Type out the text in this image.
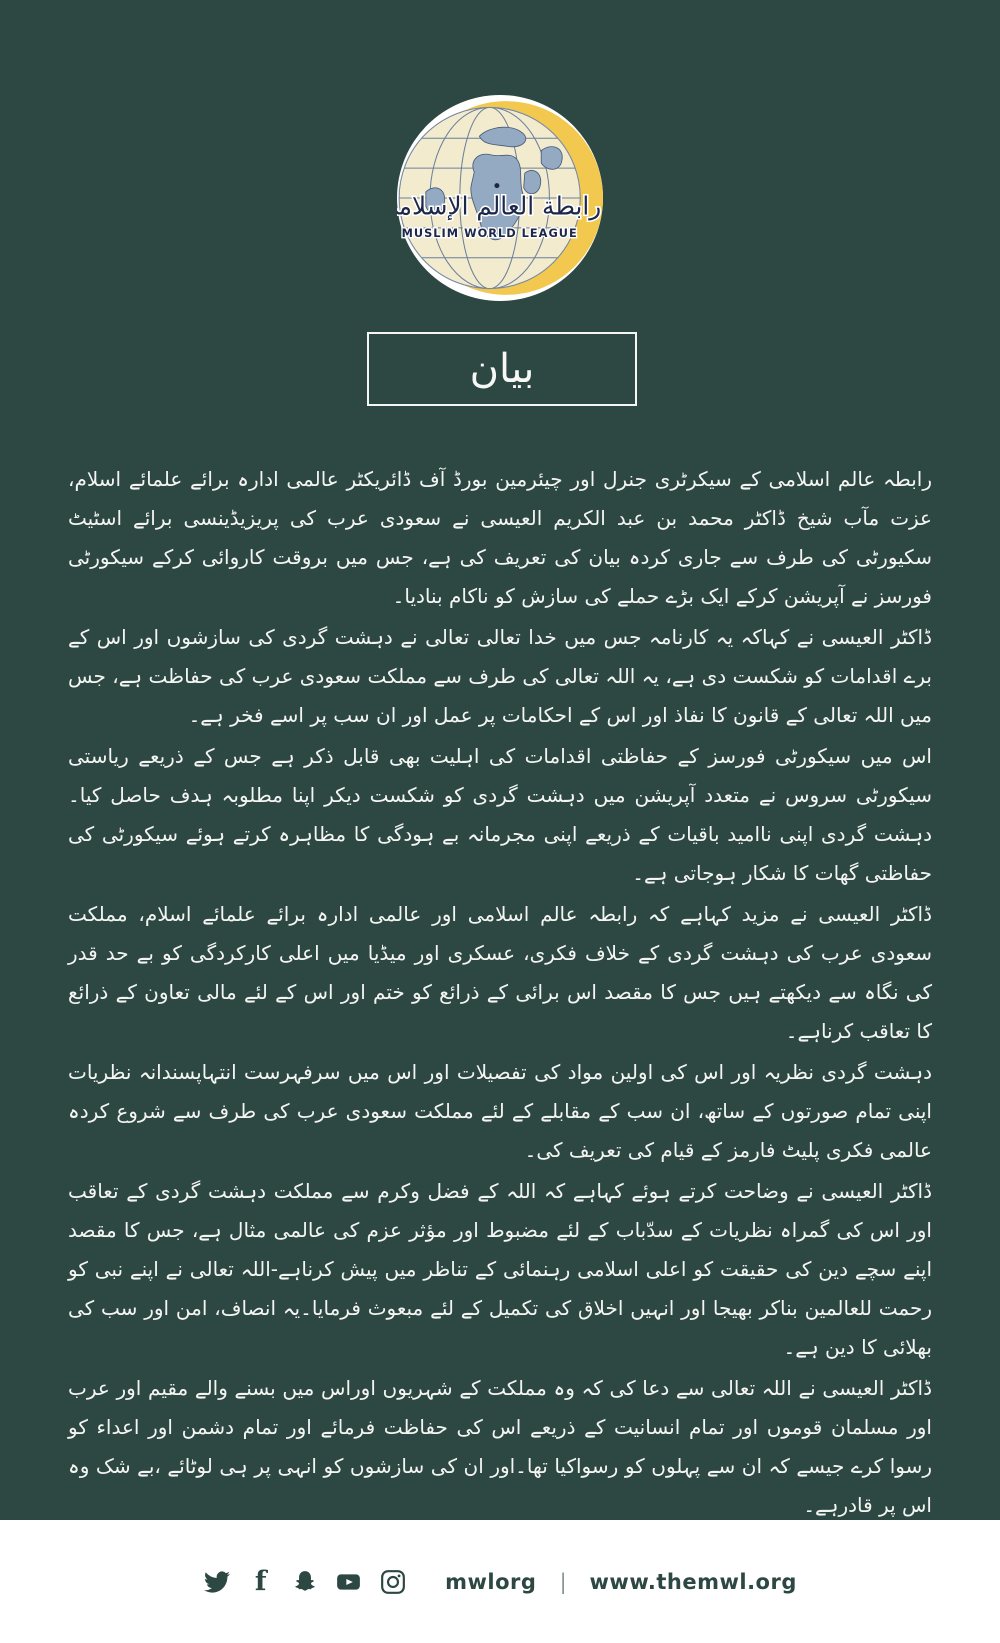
رابطة العالم الإسلامي
MUSLIM WORLD LEAGUE
بيان

رابطہ عالم اسلامی کے سیکرٹری جنرل اور چیئرمین بورڈ آف ڈائریکٹر عالمی ادارہ برائے علمائے اسلام، عزت مآب شیخ ڈاکٹر محمد بن عبد الکریم العیسی نے سعودی عرب کی پریزیڈینسی برائے اسٹیٹ سکیورٹی کی طرف سے جاری کردہ بیان کی تعریف کی ہے، جس میں بروقت کاروائی کرکے سیکورٹی فورسز نے آپریشن کرکے ایک بڑے حملے کی سازش کو ناکام بنادیا۔

ڈاکٹر العیسی نے کہاکہ یہ کارنامہ جس میں خدا تعالی تعالی نے دہشت گردی کی سازشوں اور اس کے برے اقدامات کو شکست دی ہے، یہ اللہ تعالی کی طرف سے مملکت سعودی عرب کی حفاظت ہے، جس میں اللہ تعالی کے قانون کا نفاذ اور اس کے احکامات پر عمل اور ان سب پر اسے فخر ہے۔

اس میں سیکورٹی فورسز کے حفاظتی اقدامات کی اہلیت بھی قابل ذکر ہے جس کے ذریعے ریاستی سیکورٹی سروس نے متعدد آپریشن میں دہشت گردی کو شکست دیکر اپنا مطلوبہ ہدف حاصل کیا۔دہشت گردی اپنی ناامید باقیات کے ذریعے اپنی مجرمانہ بے ہودگی کا مظاہرہ کرتے ہوئے سیکورٹی کی حفاظتی گھات کا شکار ہوجاتی ہے۔

ڈاکٹر العیسی نے مزید کہاہے کہ رابطہ عالم اسلامی اور عالمی ادارہ برائے علمائے اسلام، مملکت سعودی عرب کی دہشت گردی کے خلاف فکری، عسکری اور میڈیا میں اعلی کارکردگی کو بے حد قدر کی نگاہ سے دیکھتے ہیں جس کا مقصد اس برائی کے ذرائع کو ختم اور اس کے لئے مالی تعاون کے ذرائع کا تعاقب کرناہے۔

دہشت گردی نظریہ اور اس کی اولین مواد کی تفصیلات اور اس میں سرفہرست انتہاپسندانہ نظریات اپنی تمام صورتوں کے ساتھ، ان سب کے مقابلے کے لئے مملکت سعودی عرب کی طرف سے شروع کردہ عالمی فکری پلیٹ فارمز کے قیام کی تعریف کی۔

ڈاکٹر العیسی نے وضاحت کرتے ہوئے کہاہے کہ اللہ کے فضل وکرم سے مملکت دہشت گردی کے تعاقب اور اس کی گمراہ نظریات کے سدّباب کے لئے مضبوط اور مؤثر عزم کی عالمی مثال ہے، جس کا مقصد اپنے سچے دین کی حقیقت کو اعلی اسلامی رہنمائی کے تناظر میں پیش کرناہے-اللہ تعالی نے اپنے نبی کو رحمت للعالمین بناکر بھیجا اور انہیں اخلاق کی تکمیل کے لئے مبعوث فرمایا۔یہ انصاف، امن اور سب کی بھلائی کا دین ہے۔

ڈاکٹر العیسی نے اللہ تعالی سے دعا کی کہ وہ مملکت کے شہریوں اوراس میں بسنے والے مقیم اور عرب اور مسلمان قوموں اور تمام انسانیت کے ذریعے اس کی حفاظت فرمائے اور تمام دشمن اور اعداء کو رسوا کرے جیسے کہ ان سے پہلوں کو رسواکیا تھا۔اور ان کی سازشوں کو انہی پر ہی لوٹائے ،بے شک وہ اس پر قادرہے۔

f	mwlorg | www.themwl.org
